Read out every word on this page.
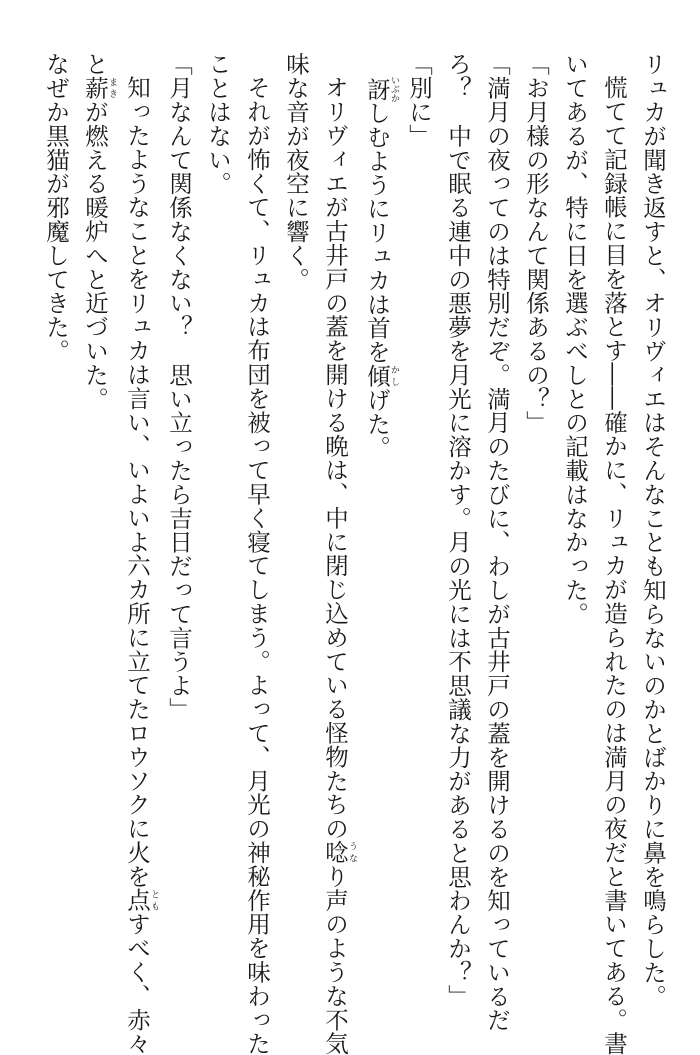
リュカが聞き返すと、オリヴィエはそんなことも知らないのかとばかりに鼻を鳴らした。
慌てて記録帳に目を落とす――確かに、リュカが造られたのは満月の夜だと書いてある。書
いてあるが、特に日を選ぶべしとの記載はなかった。
「お月様の形なんて関係あるの？」
「満月の夜ってのは特別だぞ。満月のたびに、わしが古井戸の蓋を開けるのを知っているだ
ろ？　中で眠る連中の悪夢を月光に溶かす。月の光には不思議な力があると思わんか？」
「別に」
訝いぶかしむようにリュカは首を傾かしげた。
オリヴィエが古井戸の蓋を開ける晩は、中に閉じ込めている怪物たちの唸うなり声のような不気
味な音が夜空に響く。
それが怖くて、リュカは布団を被って早く寝てしまう。よって、月光の神秘作用を味わった
ことはない。
「月なんて関係なくない？　思い立ったら吉日だって言うよ」
知ったようなことをリュカは言い、いよいよ六カ所に立てたロウソクに火を点ともすべく、赤々
と薪まきが燃える暖炉へと近づいた。
なぜか黒猫が邪魔してきた。
